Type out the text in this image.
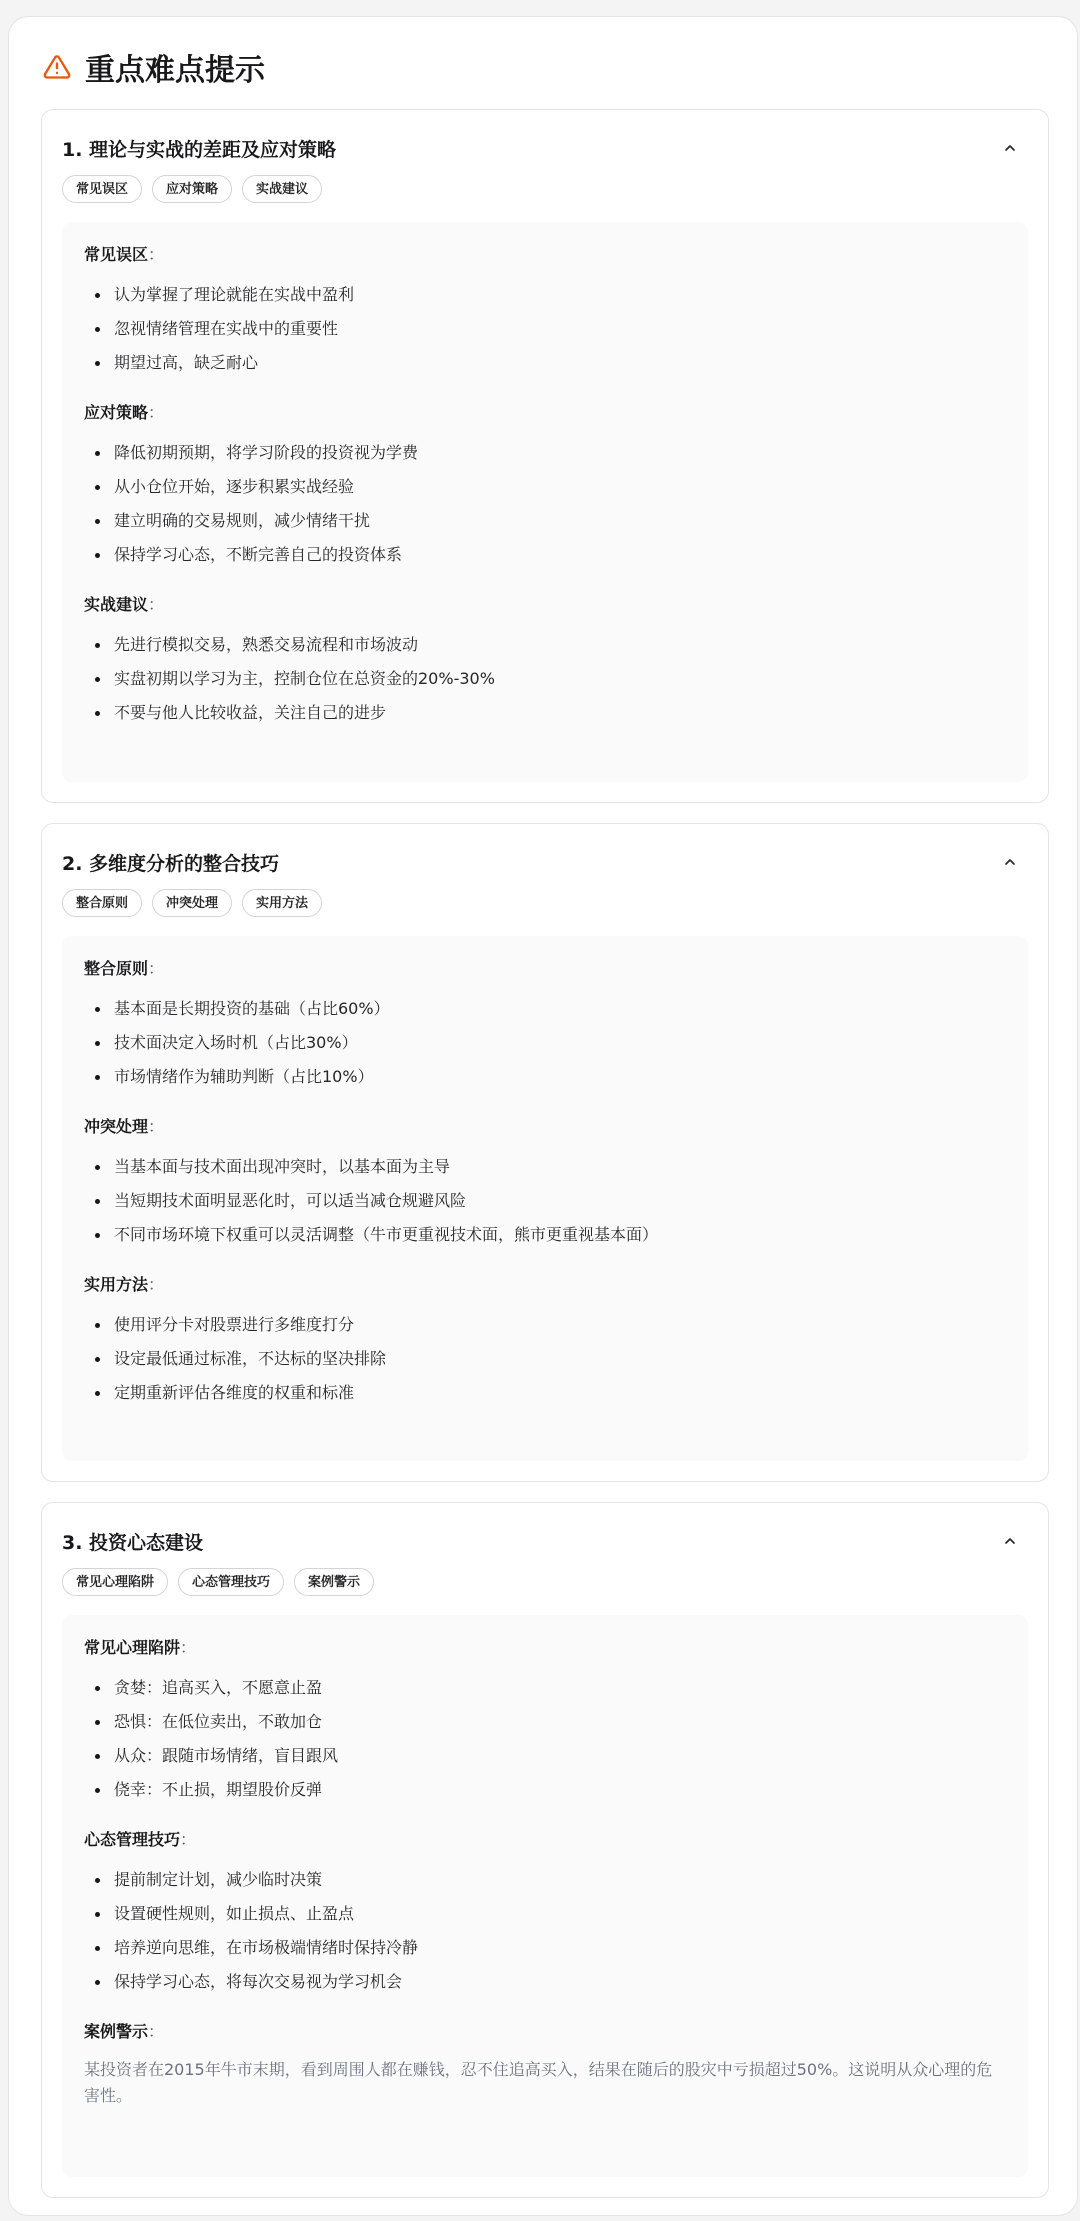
重点难点提示
1. 理论与实战的差距及应对策略
常见误区	应对策略	实战建议
常见误区：
认为掌握了理论就能在实战中盈利
忽视情绪管理在实战中的重要性
期望过高，缺乏耐心
应对策略：
降低初期预期，将学习阶段的投资视为学费
从小仓位开始，逐步积累实战经验
建立明确的交易规则，减少情绪干扰
保持学习心态，不断完善自己的投资体系
实战建议：
先进行模拟交易，熟悉交易流程和市场波动
实盘初期以学习为主，控制仓位在总资金的20%-30%
不要与他人比较收益，关注自己的进步
2. 多维度分析的整合技巧
整合原则	冲突处理	实用方法
整合原则：
基本面是长期投资的基础（占比60%）
技术面决定入场时机（占比30%）
市场情绪作为辅助判断（占比10%）
冲突处理：
当基本面与技术面出现冲突时，以基本面为主导
当短期技术面明显恶化时，可以适当减仓规避风险
不同市场环境下权重可以灵活调整（牛市更重视技术面，熊市更重视基本面）
实用方法：
使用评分卡对股票进行多维度打分
设定最低通过标准，不达标的坚决排除
定期重新评估各维度的权重和标准
3. 投资心态建设
常见心理陷阱	心态管理技巧	案例警示
常见心理陷阱：
贪婪：追高买入，不愿意止盈
恐惧：在低位卖出，不敢加仓
从众：跟随市场情绪，盲目跟风
侥幸：不止损，期望股价反弹
心态管理技巧：
提前制定计划，减少临时决策
设置硬性规则，如止损点、止盈点
培养逆向思维，在市场极端情绪时保持冷静
保持学习心态，将每次交易视为学习机会
案例警示：
某投资者在2015年牛市末期，看到周围人都在赚钱，忍不住追高买入，结果在随后的股灾中亏损超过50%。这说明从众心理的危害性。
